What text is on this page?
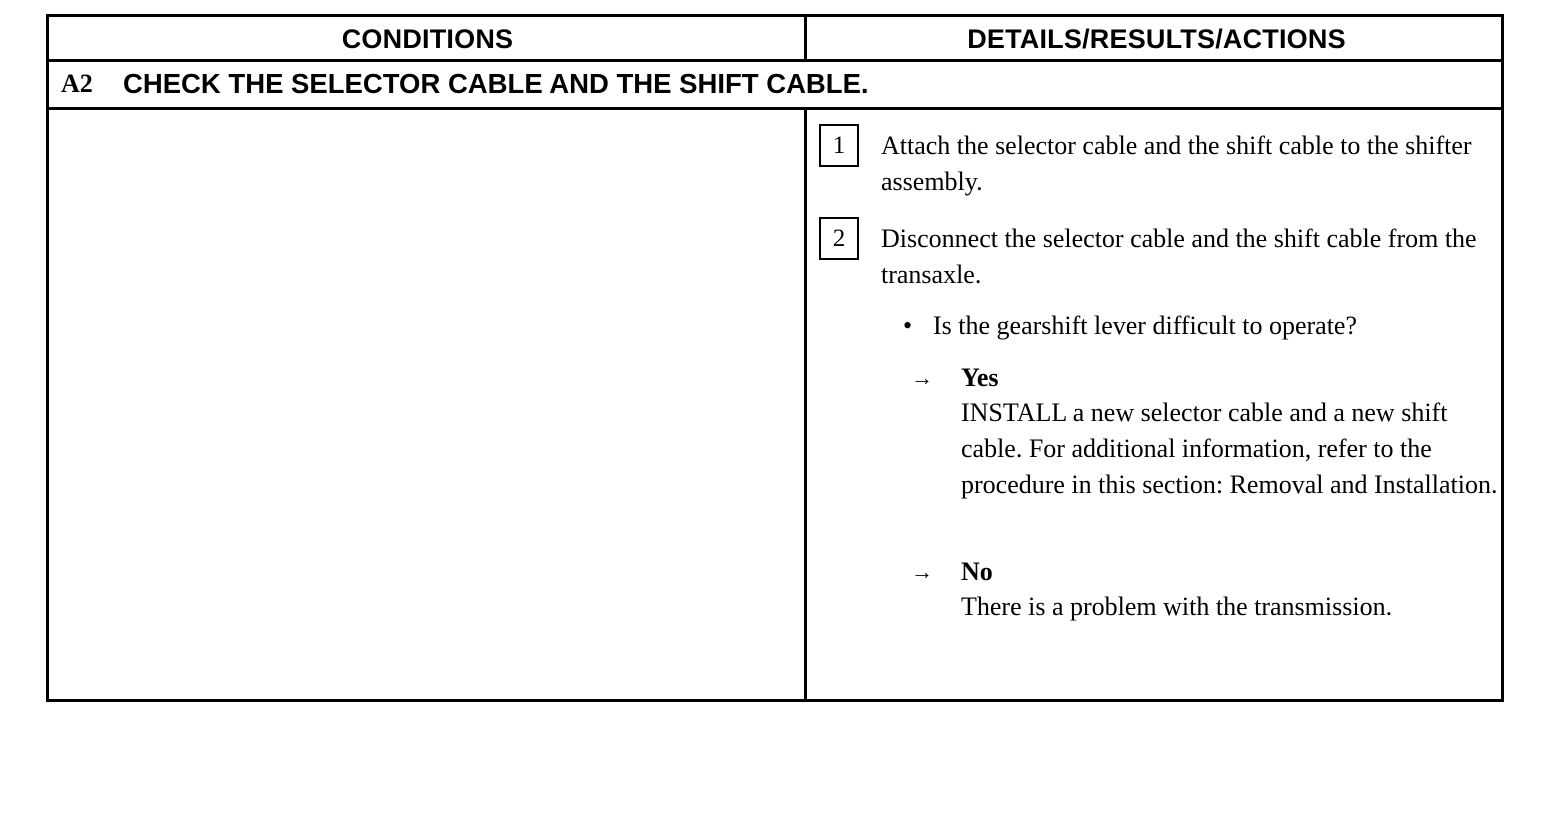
CONDITIONS	DETAILS/RESULTS/ACTIONS
A2 CHECK THE SELECTOR CABLE AND THE SHIFT CABLE.
1	Attach the selector cable and the shift cable to the shifter assembly.
2	Disconnect the selector cable and the shift cable from the transaxle.
• Is the gearshift lever difficult to operate?
→ Yes
INSTALL a new selector cable and a new shift cable. For additional information, refer to the procedure in this section: Removal and Installation.
→ No
There is a problem with the transmission.
